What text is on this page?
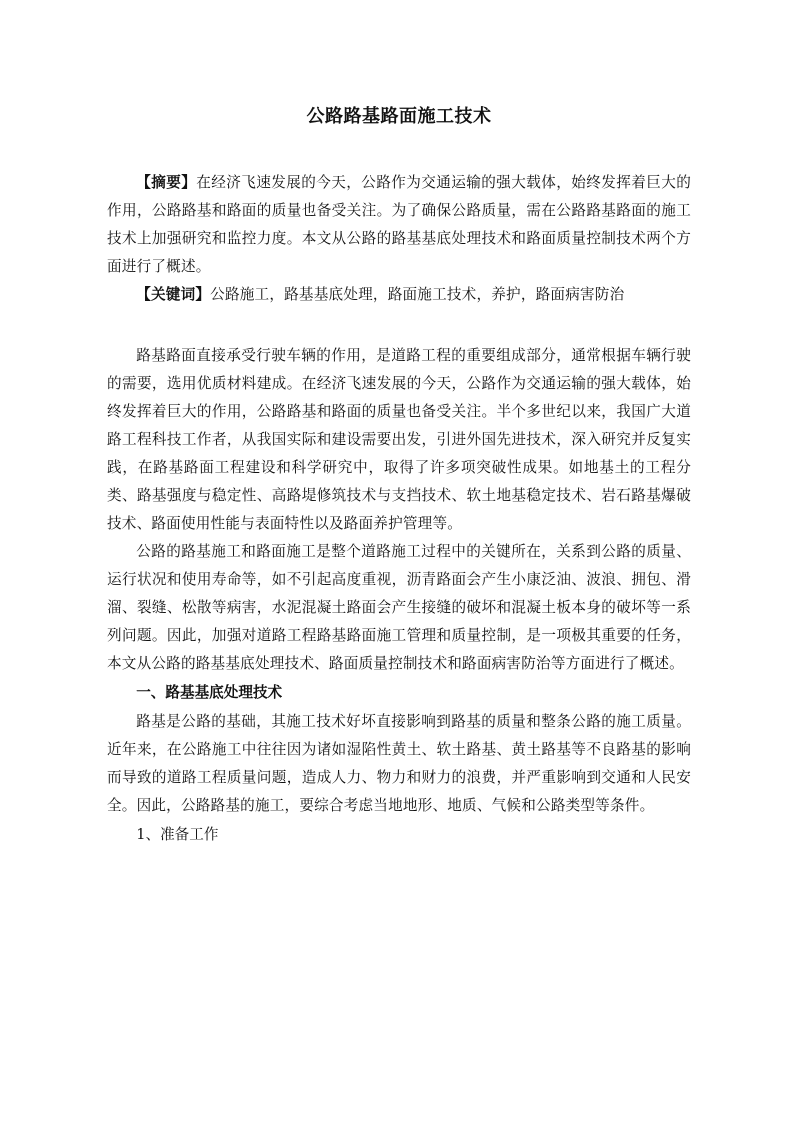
公路路基路面施工技术

【摘要】在经济飞速发展的今天，公路作为交通运输的强大载体，始终发挥着巨大的作用，公路路基和路面的质量也备受关注。为了确保公路质量，需在公路路基路面的施工技术上加强研究和监控力度。本文从公路的路基基底处理技术和路面质量控制技术两个方面进行了概述。

【关键词】公路施工，路基基底处理，路面施工技术，养护，路面病害防治

路基路面直接承受行驶车辆的作用，是道路工程的重要组成部分，通常根据车辆行驶的需要，选用优质材料建成。在经济飞速发展的今天，公路作为交通运输的强大载体，始终发挥着巨大的作用，公路路基和路面的质量也备受关注。半个多世纪以来，我国广大道路工程科技工作者，从我国实际和建设需要出发，引进外国先进技术，深入研究并反复实践，在路基路面工程建设和科学研究中，取得了许多项突破性成果。如地基土的工程分类、路基强度与稳定性、高路堤修筑技术与支挡技术、软土地基稳定技术、岩石路基爆破技术、路面使用性能与表面特性以及路面养护管理等。

公路的路基施工和路面施工是整个道路施工过程中的关键所在，关系到公路的质量、运行状况和使用寿命等，如不引起高度重视，沥青路面会产生小康泛油、波浪、拥包、滑溜、裂缝、松散等病害，水泥混凝土路面会产生接缝的破坏和混凝土板本身的破坏等一系列问题。因此，加强对道路工程路基路面施工管理和质量控制，是一项极其重要的任务，本文从公路的路基基底处理技术、路面质量控制技术和路面病害防治等方面进行了概述。

一、路基基底处理技术

路基是公路的基础，其施工技术好坏直接影响到路基的质量和整条公路的施工质量。近年来，在公路施工中往往因为诸如湿陷性黄土、软土路基、黄土路基等不良路基的影响而导致的道路工程质量问题，造成人力、物力和财力的浪费，并严重影响到交通和人民安全。因此，公路路基的施工，要综合考虑当地地形、地质、气候和公路类型等条件。

1、准备工作
